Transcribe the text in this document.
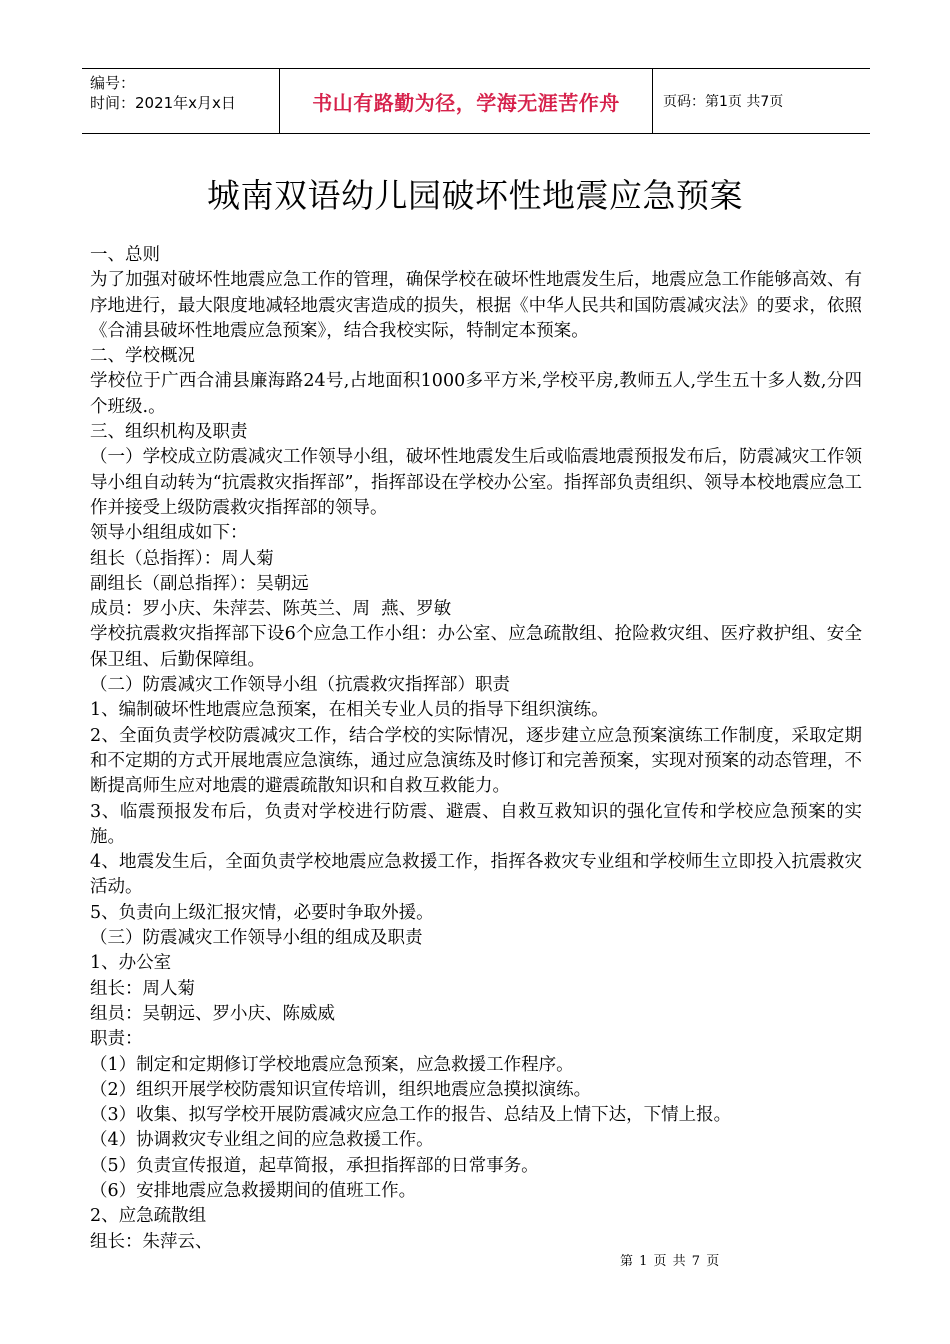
编号：
时间：2021年x月x日	书山有路勤为径，学海无涯苦作舟	页码：第1页 共7页
城南双语幼儿园破坏性地震应急预案

一、总则

为了加强对破坏性地震应急工作的管理，确保学校在破坏性地震发生后，地震应急工作能够高效、有序地进行，最大限度地减轻地震灾害造成的损失，根据《中华人民共和国防震减灾法》的要求，依照《合浦县破坏性地震应急预案》，结合我校实际，特制定本预案。

二、学校概况

学校位于广西合浦县廉海路24号,占地面积1000多平方米,学校平房,教师五人,学生五十多人数,分四个班级.。

三、组织机构及职责

（一）学校成立防震减灾工作领导小组，破坏性地震发生后或临震地震预报发布后，防震减灾工作领导小组自动转为“抗震救灾指挥部”，指挥部设在学校办公室。指挥部负责组织、领导本校地震应急工作并接受上级防震救灾指挥部的领导。

领导小组组成如下：

组长（总指挥）：周人菊

副组长（副总指挥）：吴朝远

成员：罗小庆、朱萍芸、陈英兰、周  燕、罗敏

学校抗震救灾指挥部下设6个应急工作小组：办公室、应急疏散组、抢险救灾组、医疗救护组、安全保卫组、后勤保障组。

（二）防震减灾工作领导小组（抗震救灾指挥部）职责

1、编制破坏性地震应急预案，在相关专业人员的指导下组织演练。

2、全面负责学校防震减灾工作，结合学校的实际情况，逐步建立应急预案演练工作制度，采取定期和不定期的方式开展地震应急演练，通过应急演练及时修订和完善预案，实现对预案的动态管理，不断提高师生应对地震的避震疏散知识和自救互救能力。

3、临震预报发布后，负责对学校进行防震、避震、自救互救知识的强化宣传和学校应急预案的实施。

4、地震发生后，全面负责学校地震应急救援工作，指挥各救灾专业组和学校师生立即投入抗震救灾活动。

5、负责向上级汇报灾情，必要时争取外援。

（三）防震减灾工作领导小组的组成及职责

1、办公室

组长：周人菊

组员：吴朝远、罗小庆、陈威威

职责：

（1）制定和定期修订学校地震应急预案，应急救援工作程序。

（2）组织开展学校防震知识宣传培训，组织地震应急摸拟演练。

（3）收集、拟写学校开展防震减灾应急工作的报告、总结及上情下达，下情上报。

（4）协调救灾专业组之间的应急救援工作。

（5）负责宣传报道，起草简报，承担指挥部的日常事务。

（6）安排地震应急救援期间的值班工作。

2、应急疏散组

组长：朱萍云、

第 1 页 共 7 页
